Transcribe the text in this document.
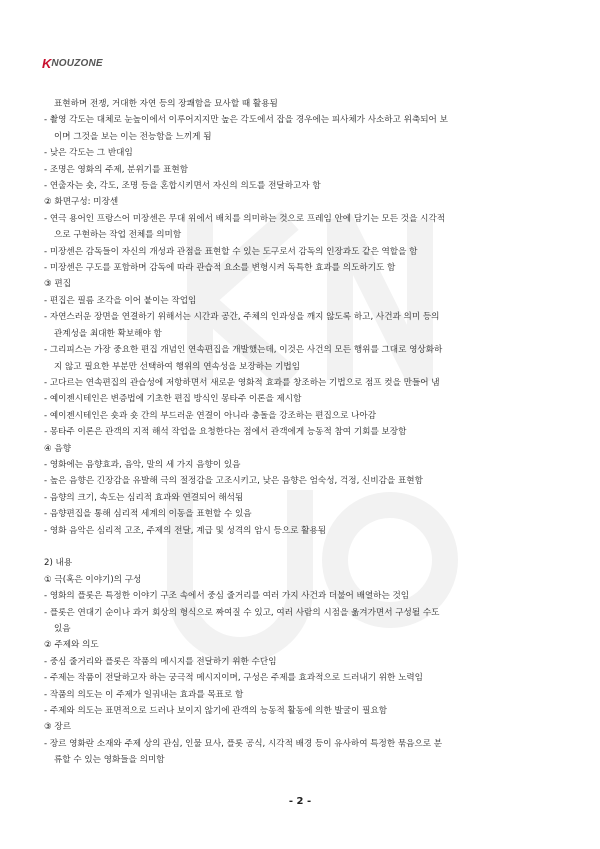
K NOUZONE
표현하며 전쟁, 거대한 자연 등의 장쾌함을 묘사할 때 활용됨
- 촬영 각도는 대체로 눈높이에서 이루어지지만 높은 각도에서 잡을 경우에는 피사체가 사소하고 위축되어 보
이며 그것을 보는 이는 전능함을 느끼게 됨
- 낮은 각도는 그 반대임
- 조명은 영화의 주제, 분위기를 표현함
- 연출자는 숏, 각도, 조명 등을 혼합시키면서 자신의 의도를 전달하고자 함
② 화면구성: 미장센
- 연극 용어인 프랑스어 미장센은 무대 위에서 배치를 의미하는 것으로 프레임 안에 담기는 모든 것을 시각적
으로 구현하는 작업 전체를 의미함
- 미장센은 감독들이 자신의 개성과 관점을 표현할 수 있는 도구로서 감독의 인장과도 같은 역할을 함
- 미장센은 구도를 포함하며 감독에 따라 관습적 요소를 변형시켜 독특한 효과를 의도하기도 함
③ 편집
- 편집은 필름 조각을 이어 붙이는 작업임
- 자연스러운 장면을 연결하기 위해서는 시간과 공간, 주체의 인과성을 깨지 않도록 하고, 사건과 의미 등의
관계성을 최대한 확보해야 함
- 그리피스는 가장 중요한 편집 개념인 연속편집을 개발했는데, 이것은 사건의 모든 행위를 그대로 영상화하
지 않고 필요한 부분만 선택하여 행위의 연속성을 보장하는 기법임
- 고다르는 연속편집의 관습성에 저항하면서 새로운 영화적 효과를 창조하는 기법으로 점프 컷을 만들어 냄
- 예이젠시테인은 변증법에 기초한 편집 방식인 몽타주 이론을 제시함
- 예이젠시테인은 숏과 숏 간의 부드러운 연결이 아니라 충돌을 강조하는 편집으로 나아감
- 몽타주 이론은 관객의 지적 해석 작업을 요청한다는 점에서 관객에게 능동적 참여 기회를 보장함
④ 음향
- 영화에는 음향효과, 음악, 말의 세 가지 음향이 있음
- 높은 음향은 긴장감을 유발해 극의 절정감을 고조시키고, 낮은 음향은 엄숙성, 걱정, 신비감을 표현함
- 음향의 크기, 속도는 심리적 효과와 연결되어 해석됨
- 음향편집을 통해 심리적 세계의 이동을 표현할 수 있음
- 영화 음악은 심리적 고조, 주제의 전달, 계급 및 성격의 암시 등으로 활용됨
2) 내용
① 극(혹은 이야기)의 구성
- 영화의 플롯은 특정한 이야기 구조 속에서 중심 줄거리를 여러 가지 사건과 더불어 배열하는 것임
- 플롯은 연대기 순이나 과거 회상의 형식으로 짜여질 수 있고, 여러 사람의 시점을 옮겨가면서 구성될 수도
있음
② 주제와 의도
- 중심 줄거리와 플롯은 작품의 메시지를 전달하기 위한 수단임
- 주제는 작품이 전달하고자 하는 궁극적 메시지이며, 구성은 주제를 효과적으로 드러내기 위한 노력임
- 작품의 의도는 이 주제가 일궈내는 효과를 목표로 함
- 주제와 의도는 표면적으로 드러나 보이지 않기에 관객의 능동적 활동에 의한 발굴이 필요함
③ 장르
- 장르 영화란 소재와 주제 상의 관심, 인물 묘사, 플롯 공식, 시각적 배경 등이 유사하여 특정한 묶음으로 분
류할 수 있는 영화들을 의미함
- 2 -
